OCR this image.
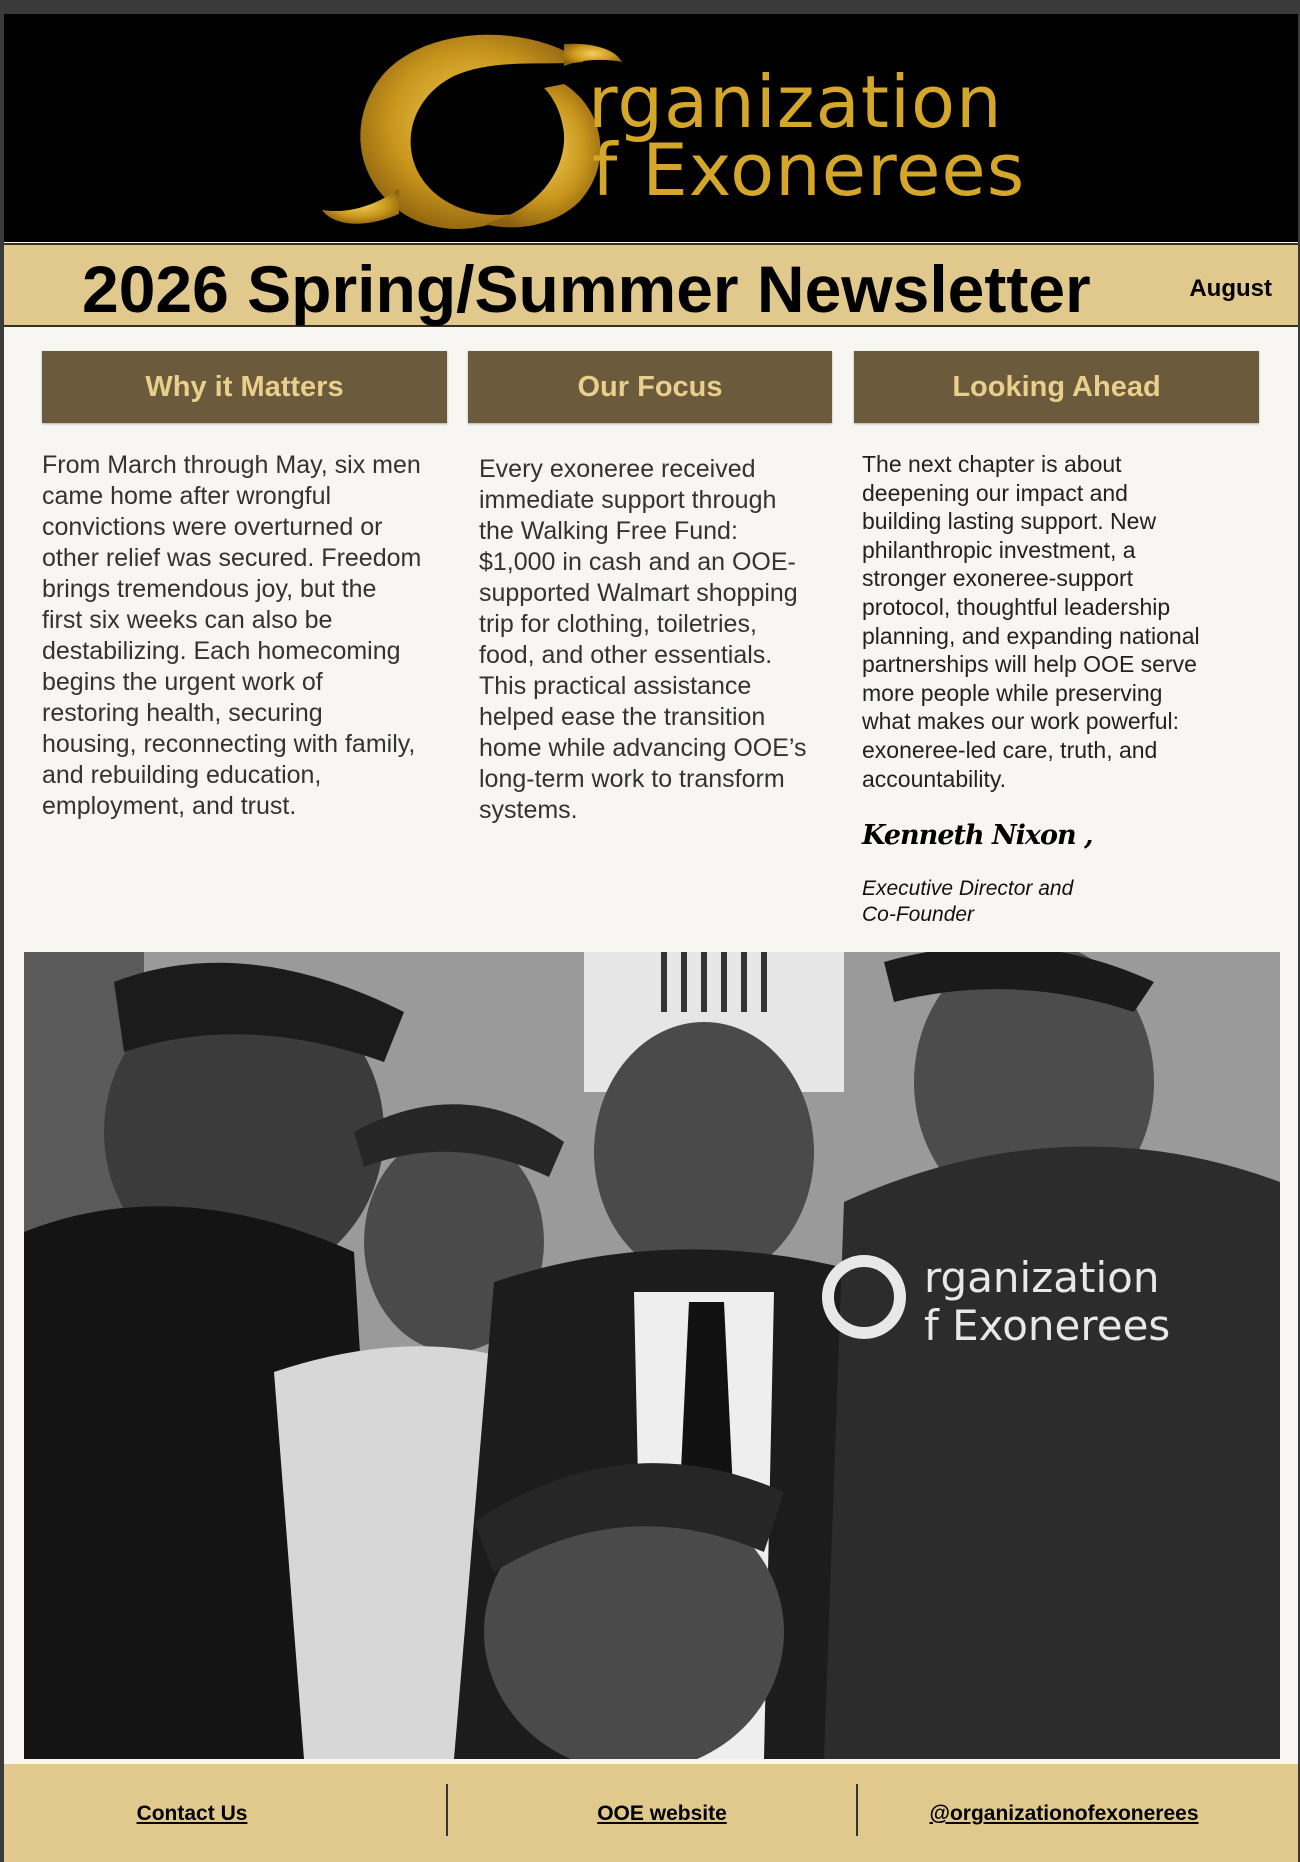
rganization
f Exonerees
2026 Spring/Summer Newsletter	August
Why it Matters	Our Focus	Looking Ahead
From March through May, six men came home after wrongful convictions were overturned or other relief was secured. Freedom brings tremendous joy, but the first six weeks can also be destabilizing. Each homecoming begins the urgent work of restoring health, securing housing, reconnecting with family, and rebuilding education, employment, and trust.
Every exoneree received immediate support through the Walking Free Fund: $1,000 in cash and an OOE-supported Walmart shopping trip for clothing, toiletries, food, and other essentials. This practical assistance helped ease the transition home while advancing OOE’s long-term work to transform systems.
The next chapter is about deepening our impact and building lasting support. New philanthropic investment, a stronger exoneree-support protocol, thoughtful leadership planning, and expanding national partnerships will help OOE serve more people while preserving what makes our work powerful: exoneree-led care, truth, and accountability.
Kenneth Nixon ,
Executive Director and
Co-Founder
rganization
f Exonerees
Contact Us	OOE website	@organizationofexonerees
